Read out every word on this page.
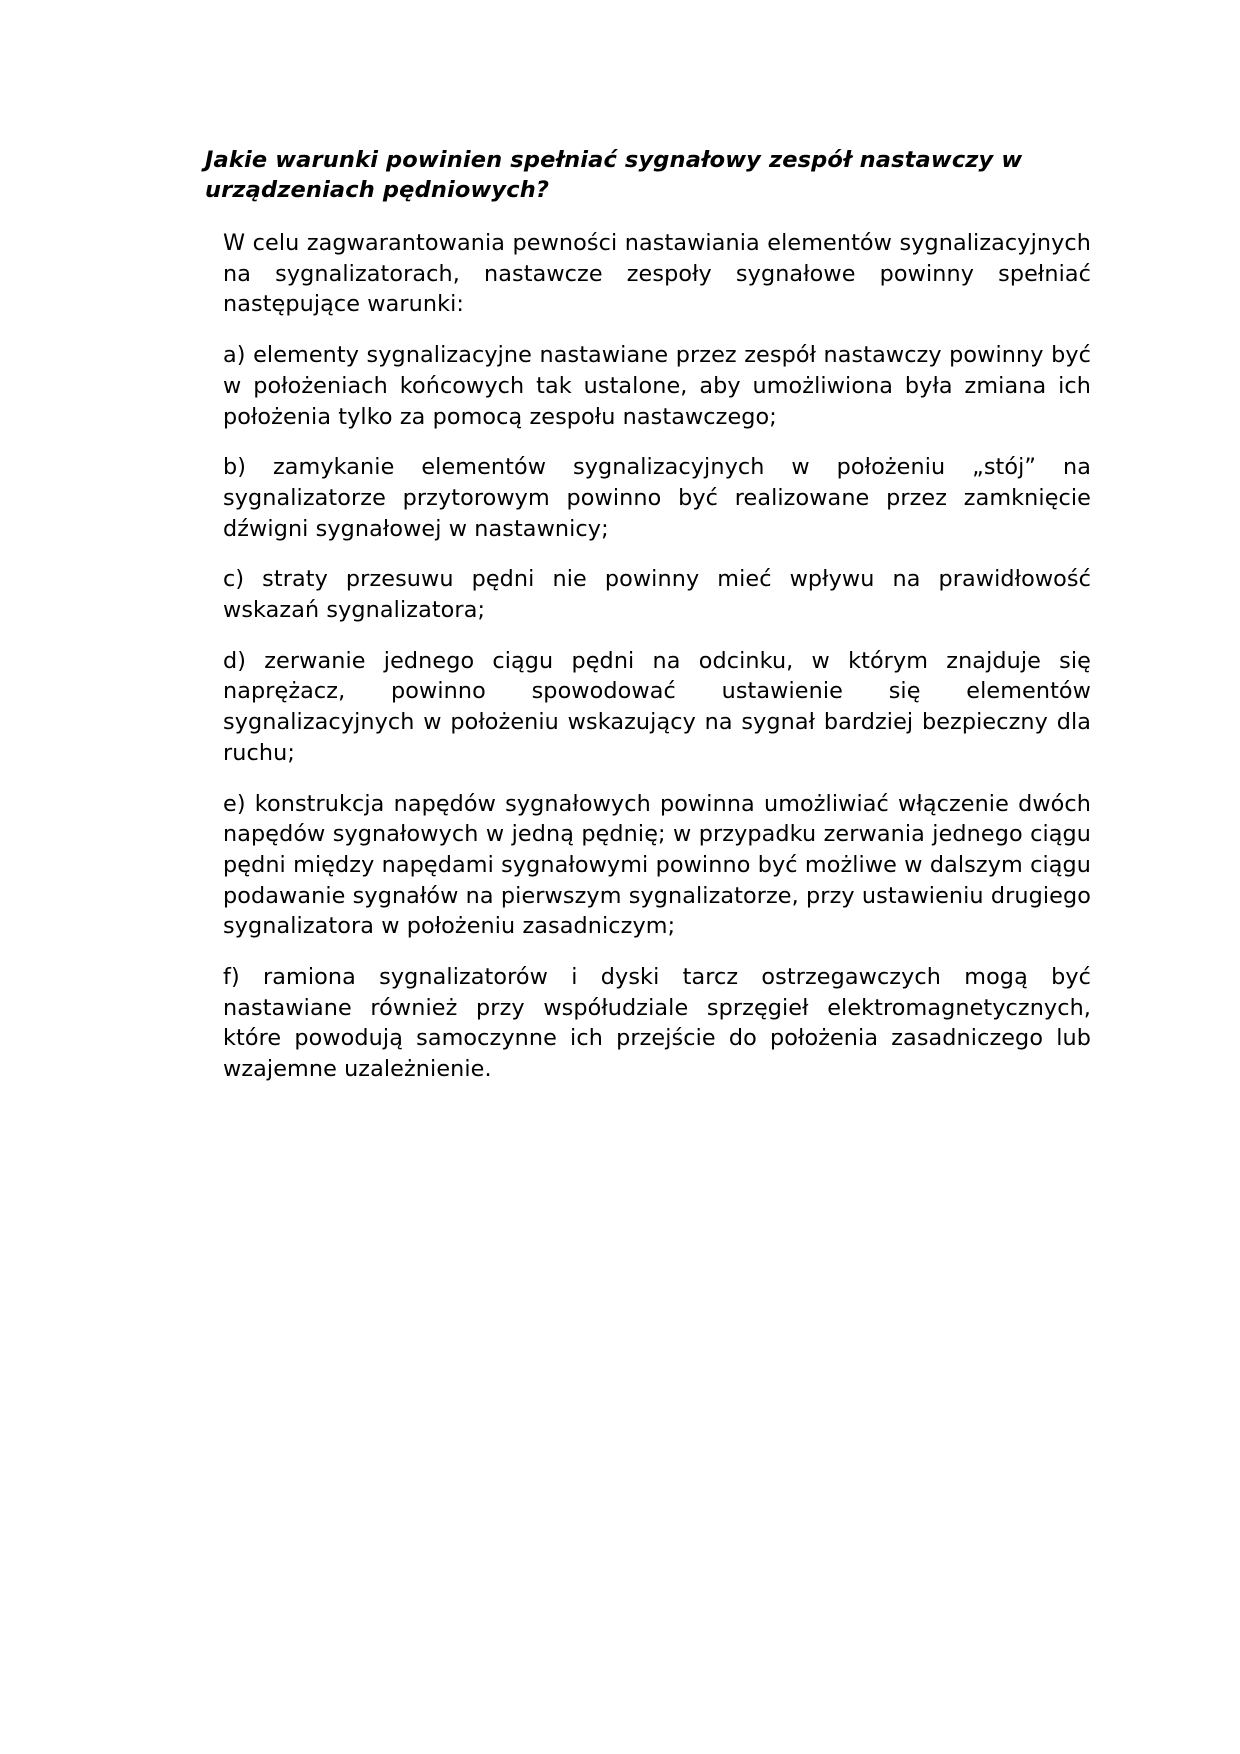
Jakie warunki powinien spełniać sygnałowy zespół nastawczy w urządzeniach pędniowych?

W celu zagwarantowania pewności nastawiania elementów sygnalizacyjnych na sygnalizatorach, nastawcze zespoły sygnałowe powinny spełniać następujące warunki:

a) elementy sygnalizacyjne nastawiane przez zespół nastawczy powinny być w położeniach końcowych tak ustalone, aby umożliwiona była zmiana ich położenia tylko za pomocą zespołu nastawczego;

b) zamykanie elementów sygnalizacyjnych w położeniu „stój” na sygnalizatorze przytorowym powinno być realizowane przez zamknięcie dźwigni sygnałowej w nastawnicy;

c) straty przesuwu pędni nie powinny mieć wpływu na prawidłowość wskazań sygnalizatora;

d) zerwanie jednego ciągu pędni na odcinku, w którym znajduje się naprężacz, powinno spowodować ustawienie się elementów sygnalizacyjnych w położeniu wskazujący na sygnał bardziej bezpieczny dla ruchu;

e) konstrukcja napędów sygnałowych powinna umożliwiać włączenie dwóch napędów sygnałowych w jedną pędnię; w przypadku zerwania jednego ciągu pędni między napędami sygnałowymi powinno być możliwe w dalszym ciągu podawanie sygnałów na pierwszym sygnalizatorze, przy ustawieniu drugiego sygnalizatora w położeniu zasadniczym;

f) ramiona sygnalizatorów i dyski tarcz ostrzegawczych mogą być nastawiane również przy współudziale sprzęgieł elektromagnetycznych, które powodują samoczynne ich przejście do położenia zasadniczego lub wzajemne uzależnienie.
